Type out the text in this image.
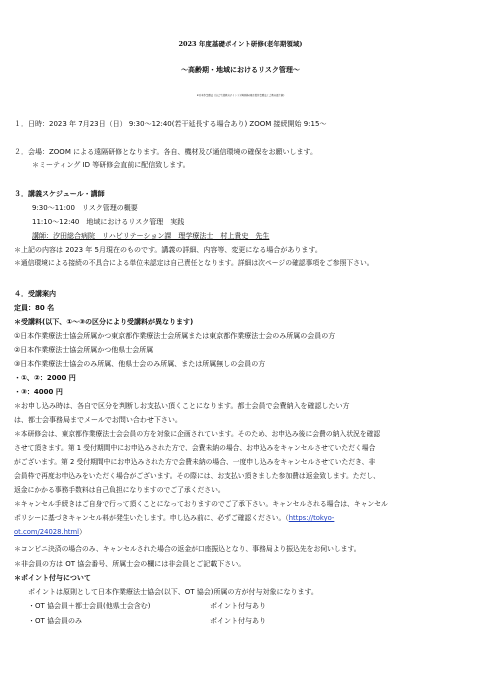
2023 年度基礎ポイント研修(老年期領域)
～高齢期・地域におけるリスク管理～
※日本作業療法士協会生涯教育ポイント対象研修(東京都作業療法士会教育部主催)
１．日時：2023 年 7月23日（日） 9:30～12:40(若干延長する場合あり) ZOOM 接続開始 9:15～
２．会場：ZOOM による遠隔研修となります。各自、機材及び通信環境の確保をお願いします。
＊ミーティング ID 等研修会直前に配信致します。
３．講義スケジュール・講師
9:30～11:00　リスク管理の概要
11:10～12:40　地域におけるリスク管理　実践
講師：汐田総合病院　リハビリテーション課　理学療法士　村上貴史　先生
＊上記の内容は 2023 年 5月現在のものです。講義の詳細、内容等、変更になる場合があります。
＊通信環境による接続の不具合による単位未認定は自己責任となります。詳細は次ページの確認事項をご参照下さい。
４．受講案内
定員：80 名
＊受講料(以下、①～③の区分により受講料が異なります)
①日本作業療法士協会所属かつ東京都作業療法士会所属または東京都作業療法士会のみ所属の会員の方
②日本作業療法士協会所属かつ他県士会所属
③日本作業療法士協会のみ所属、他県士会のみ所属、または所属無しの会員の方
・①、②：2000 円
・③：4000 円
＊お申し込み時は、各自で区分を判断しお支払い頂くことになります。都士会員で会費納入を確認したい方
は、都士会事務局までメールでお問い合わせ下さい。
＊本研修会は、東京都作業療法士会会員の方を対象に企画されています。そのため、お申込み後に会費の納入状況を確認
させて頂きます。第 1 受付期間中にお申込みされた方で、会費未納の場合、お申込みをキャンセルさせていただく場合
がございます。第 2 受付期間中にお申込みされた方で会費未納の場合、一度申し込みをキャンセルさせていただき、非
会員枠で再度お申込みをいただく場合がございます。その際には、お支払い頂きました参加費は返金致します。ただし、
返金にかかる事務手数料は自己負担になりますのでご了承ください。
＊キャンセル手続きはご自身で行って頂くことになっておりますのでご了承下さい。キャンセルされる場合は、キャンセル
ポリシーに基づきキャンセル料が発生いたします。申し込み前に、必ずご確認ください。（https://tokyo-
ot.com/24028.html）
＊コンビニ決済の場合のみ、キャンセルされた場合の返金が口座振込となり、事務局より振込先をお伺いします。
＊非会員の方は OT 協会番号、所属士会の欄には非会員とご記載下さい。
＊ポイント付与について
ポイントは原則として日本作業療法士協会(以下、OT 協会)所属の方が付与対象になります。
・OT 協会員＋都士会員(他県士会含む)	ポイント付与あり
・OT 協会員のみ	ポイント付与あり
